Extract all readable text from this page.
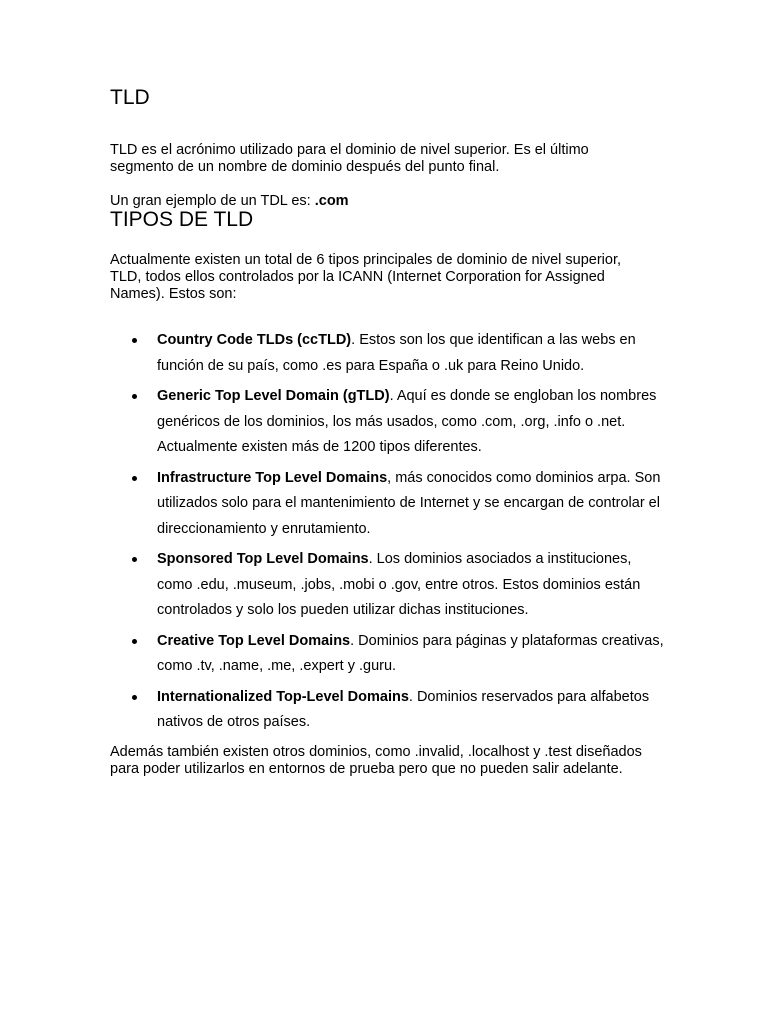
TLD

TLD es el acrónimo utilizado para el dominio de nivel superior. Es el último segmento de un nombre de dominio después del punto final.

Un gran ejemplo de un TDL es: .com

TIPOS DE TLD

Actualmente existen un total de 6 tipos principales de dominio de nivel superior, TLD, todos ellos controlados por la ICANN (Internet Corporation for Assigned Names). Estos son:

Country Code TLDs (ccTLD). Estos son los que identifican a las webs en función de su país, como .es para España o .uk para Reino Unido.
Generic Top Level Domain (gTLD). Aquí es donde se engloban los nombres genéricos de los dominios, los más usados, como .com, .org, .info o .net. Actualmente existen más de 1200 tipos diferentes.
Infrastructure Top Level Domains, más conocidos como dominios arpa. Son utilizados solo para el mantenimiento de Internet y se encargan de controlar el direccionamiento y enrutamiento.
Sponsored Top Level Domains. Los dominios asociados a instituciones, como .edu, .museum, .jobs, .mobi o .gov, entre otros. Estos dominios están controlados y solo los pueden utilizar dichas instituciones.
Creative Top Level Domains. Dominios para páginas y plataformas creativas, como .tv, .name, .me, .expert y .guru.
Internationalized Top-Level Domains. Dominios reservados para alfabetos nativos de otros países.

Además también existen otros dominios, como .invalid, .localhost y .test diseñados para poder utilizarlos en entornos de prueba pero que no pueden salir adelante.
